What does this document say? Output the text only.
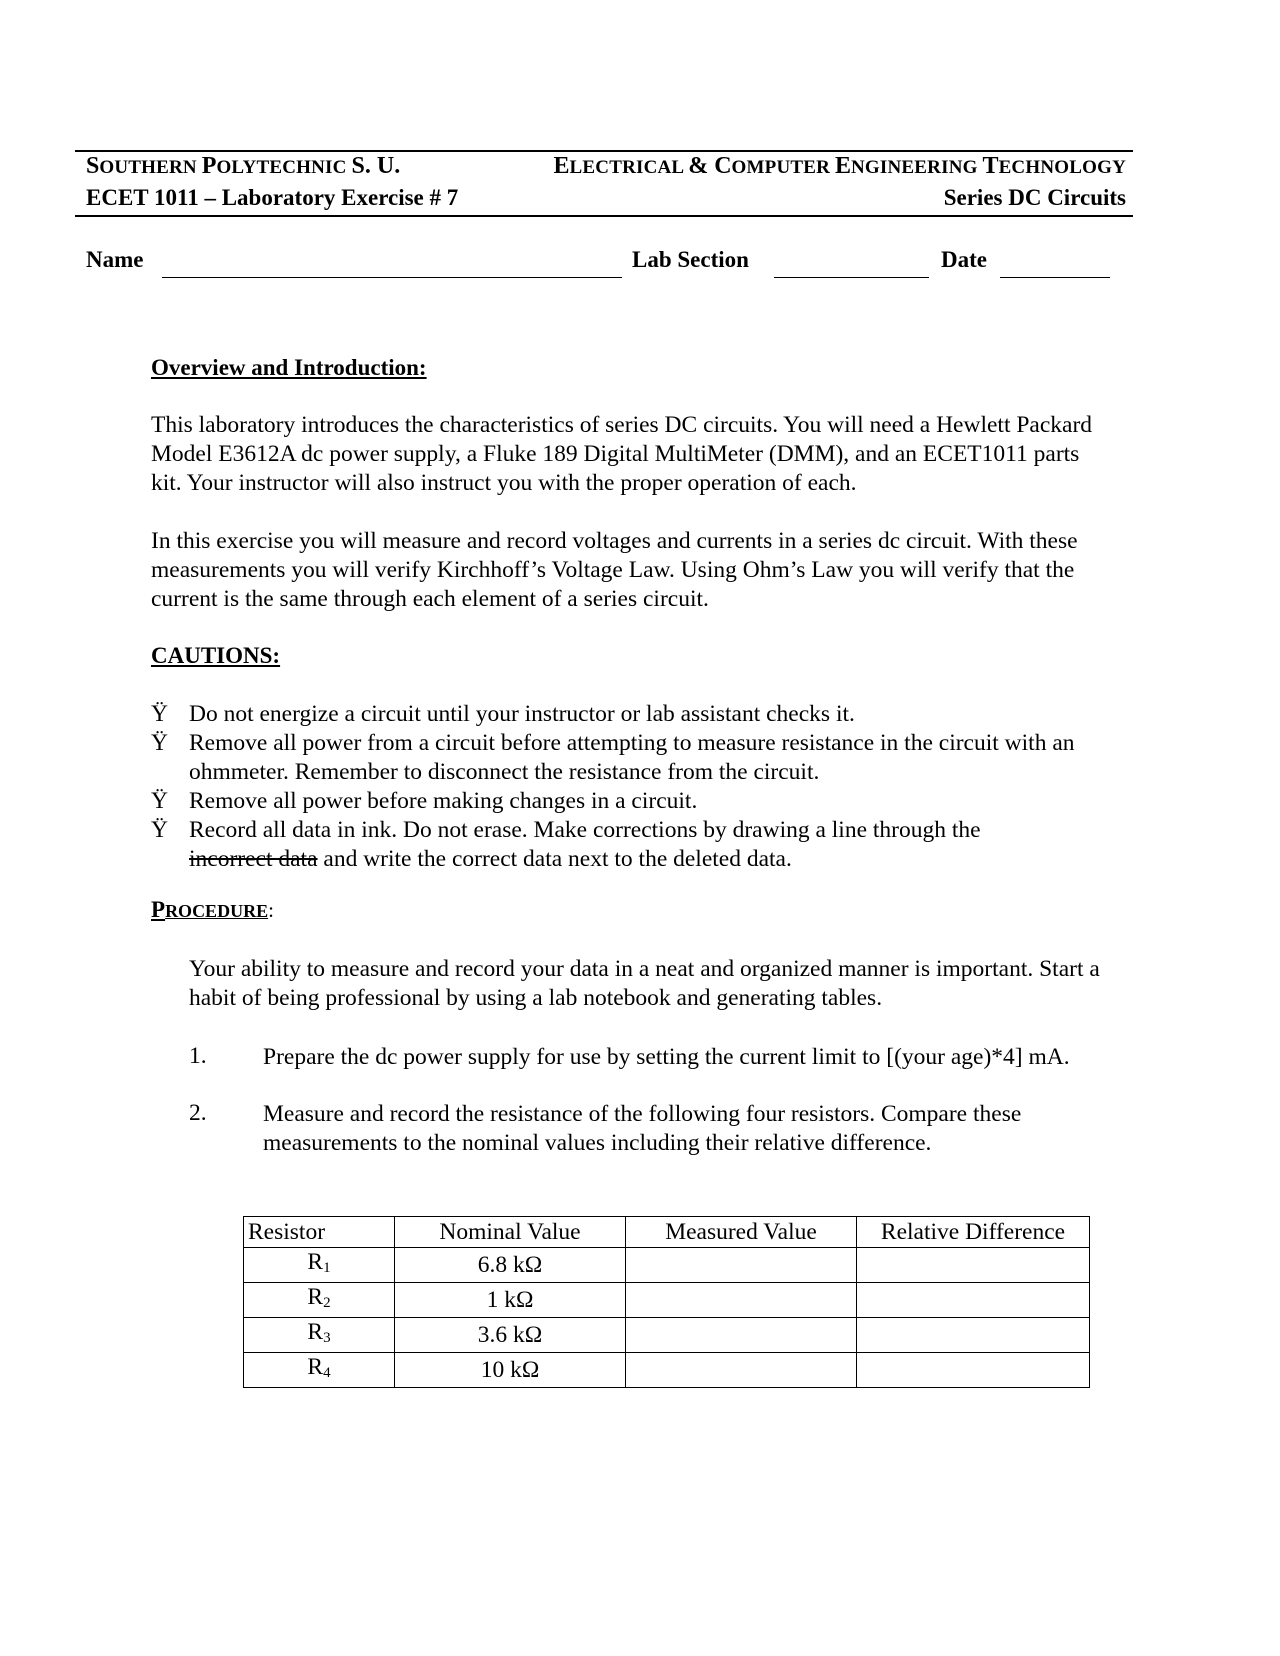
SOUTHERN POLYTECHNIC S. U.	ELECTRICAL & COMPUTER ENGINEERING TECHNOLOGY
ECET 1011 – Laboratory Exercise # 7	Series DC Circuits
Name	Lab Section	Date
Overview and Introduction:
This laboratory introduces the characteristics of series DC circuits. You will need a Hewlett Packard Model E3612A dc power supply, a Fluke 189 Digital MultiMeter (DMM), and an ECET1011 parts kit. Your instructor will also instruct you with the proper operation of each.
In this exercise you will measure and record voltages and currents in a series dc circuit. With these measurements you will verify Kirchhoff’s Voltage Law. Using Ohm’s Law you will verify that the current is the same through each element of a series circuit.
CAUTIONS:
Ÿ Do not energize a circuit until your instructor or lab assistant checks it.
Ÿ Remove all power from a circuit before attempting to measure resistance in the circuit with an ohmmeter. Remember to disconnect the resistance from the circuit.
Ÿ Remove all power before making changes in a circuit.
Ÿ Record all data in ink. Do not erase. Make corrections by drawing a line through the
incorrect data and write the correct data next to the deleted data.
PROCEDURE:
Your ability to measure and record your data in a neat and organized manner is important. Start a habit of being professional by using a lab notebook and generating tables.
1. Prepare the dc power supply for use by setting the current limit to [(your age)*4] mA.
2. Measure and record the resistance of the following four resistors. Compare these measurements to the nominal values including their relative difference.
Resistor	Nominal Value	Measured Value	Relative Difference
$R_1$	6.8 kΩ		
$R_2$	1 kΩ		
$R_3$	3.6 kΩ		
$R_4$	10 kΩ		
